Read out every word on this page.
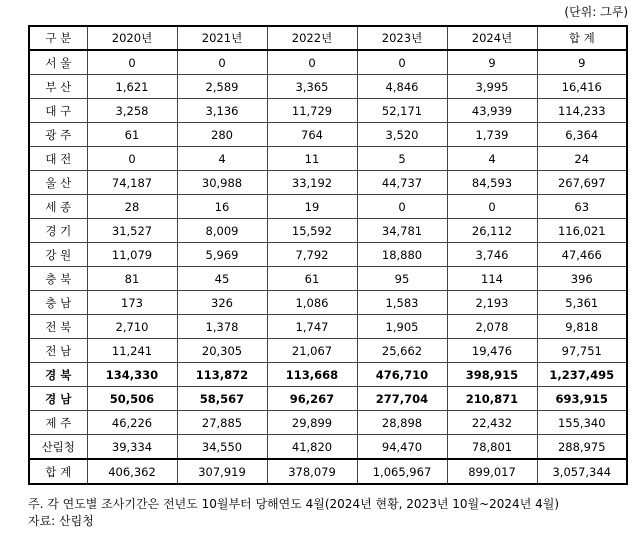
(단위: 그루)
구 분	2020년	2021년	2022년	2023년	2024년	합 계
서 울	0	0	0	0	9	9
부 산	1,621	2,589	3,365	4,846	3,995	16,416
대 구	3,258	3,136	11,729	52,171	43,939	114,233
광 주	61	280	764	3,520	1,739	6,364
대 전	0	4	11	5	4	24
울 산	74,187	30,988	33,192	44,737	84,593	267,697
세 종	28	16	19	0	0	63
경 기	31,527	8,009	15,592	34,781	26,112	116,021
강 원	11,079	5,969	7,792	18,880	3,746	47,466
충 북	81	45	61	95	114	396
충 남	173	326	1,086	1,583	2,193	5,361
전 북	2,710	1,378	1,747	1,905	2,078	9,818
전 남	11,241	20,305	21,067	25,662	19,476	97,751
경 북	134,330	113,872	113,668	476,710	398,915	1,237,495
경 남	50,506	58,567	96,267	277,704	210,871	693,915
제 주	46,226	27,885	29,899	28,898	22,432	155,340
산림청	39,334	34,550	41,820	94,470	78,801	288,975
합 계	406,362	307,919	378,079	1,065,967	899,017	3,057,344
주. 각 연도별 조사기간은 전년도 10월부터 당해연도 4월(2024년 현황, 2023년 10월~2024년 4월)
자료: 산림청
